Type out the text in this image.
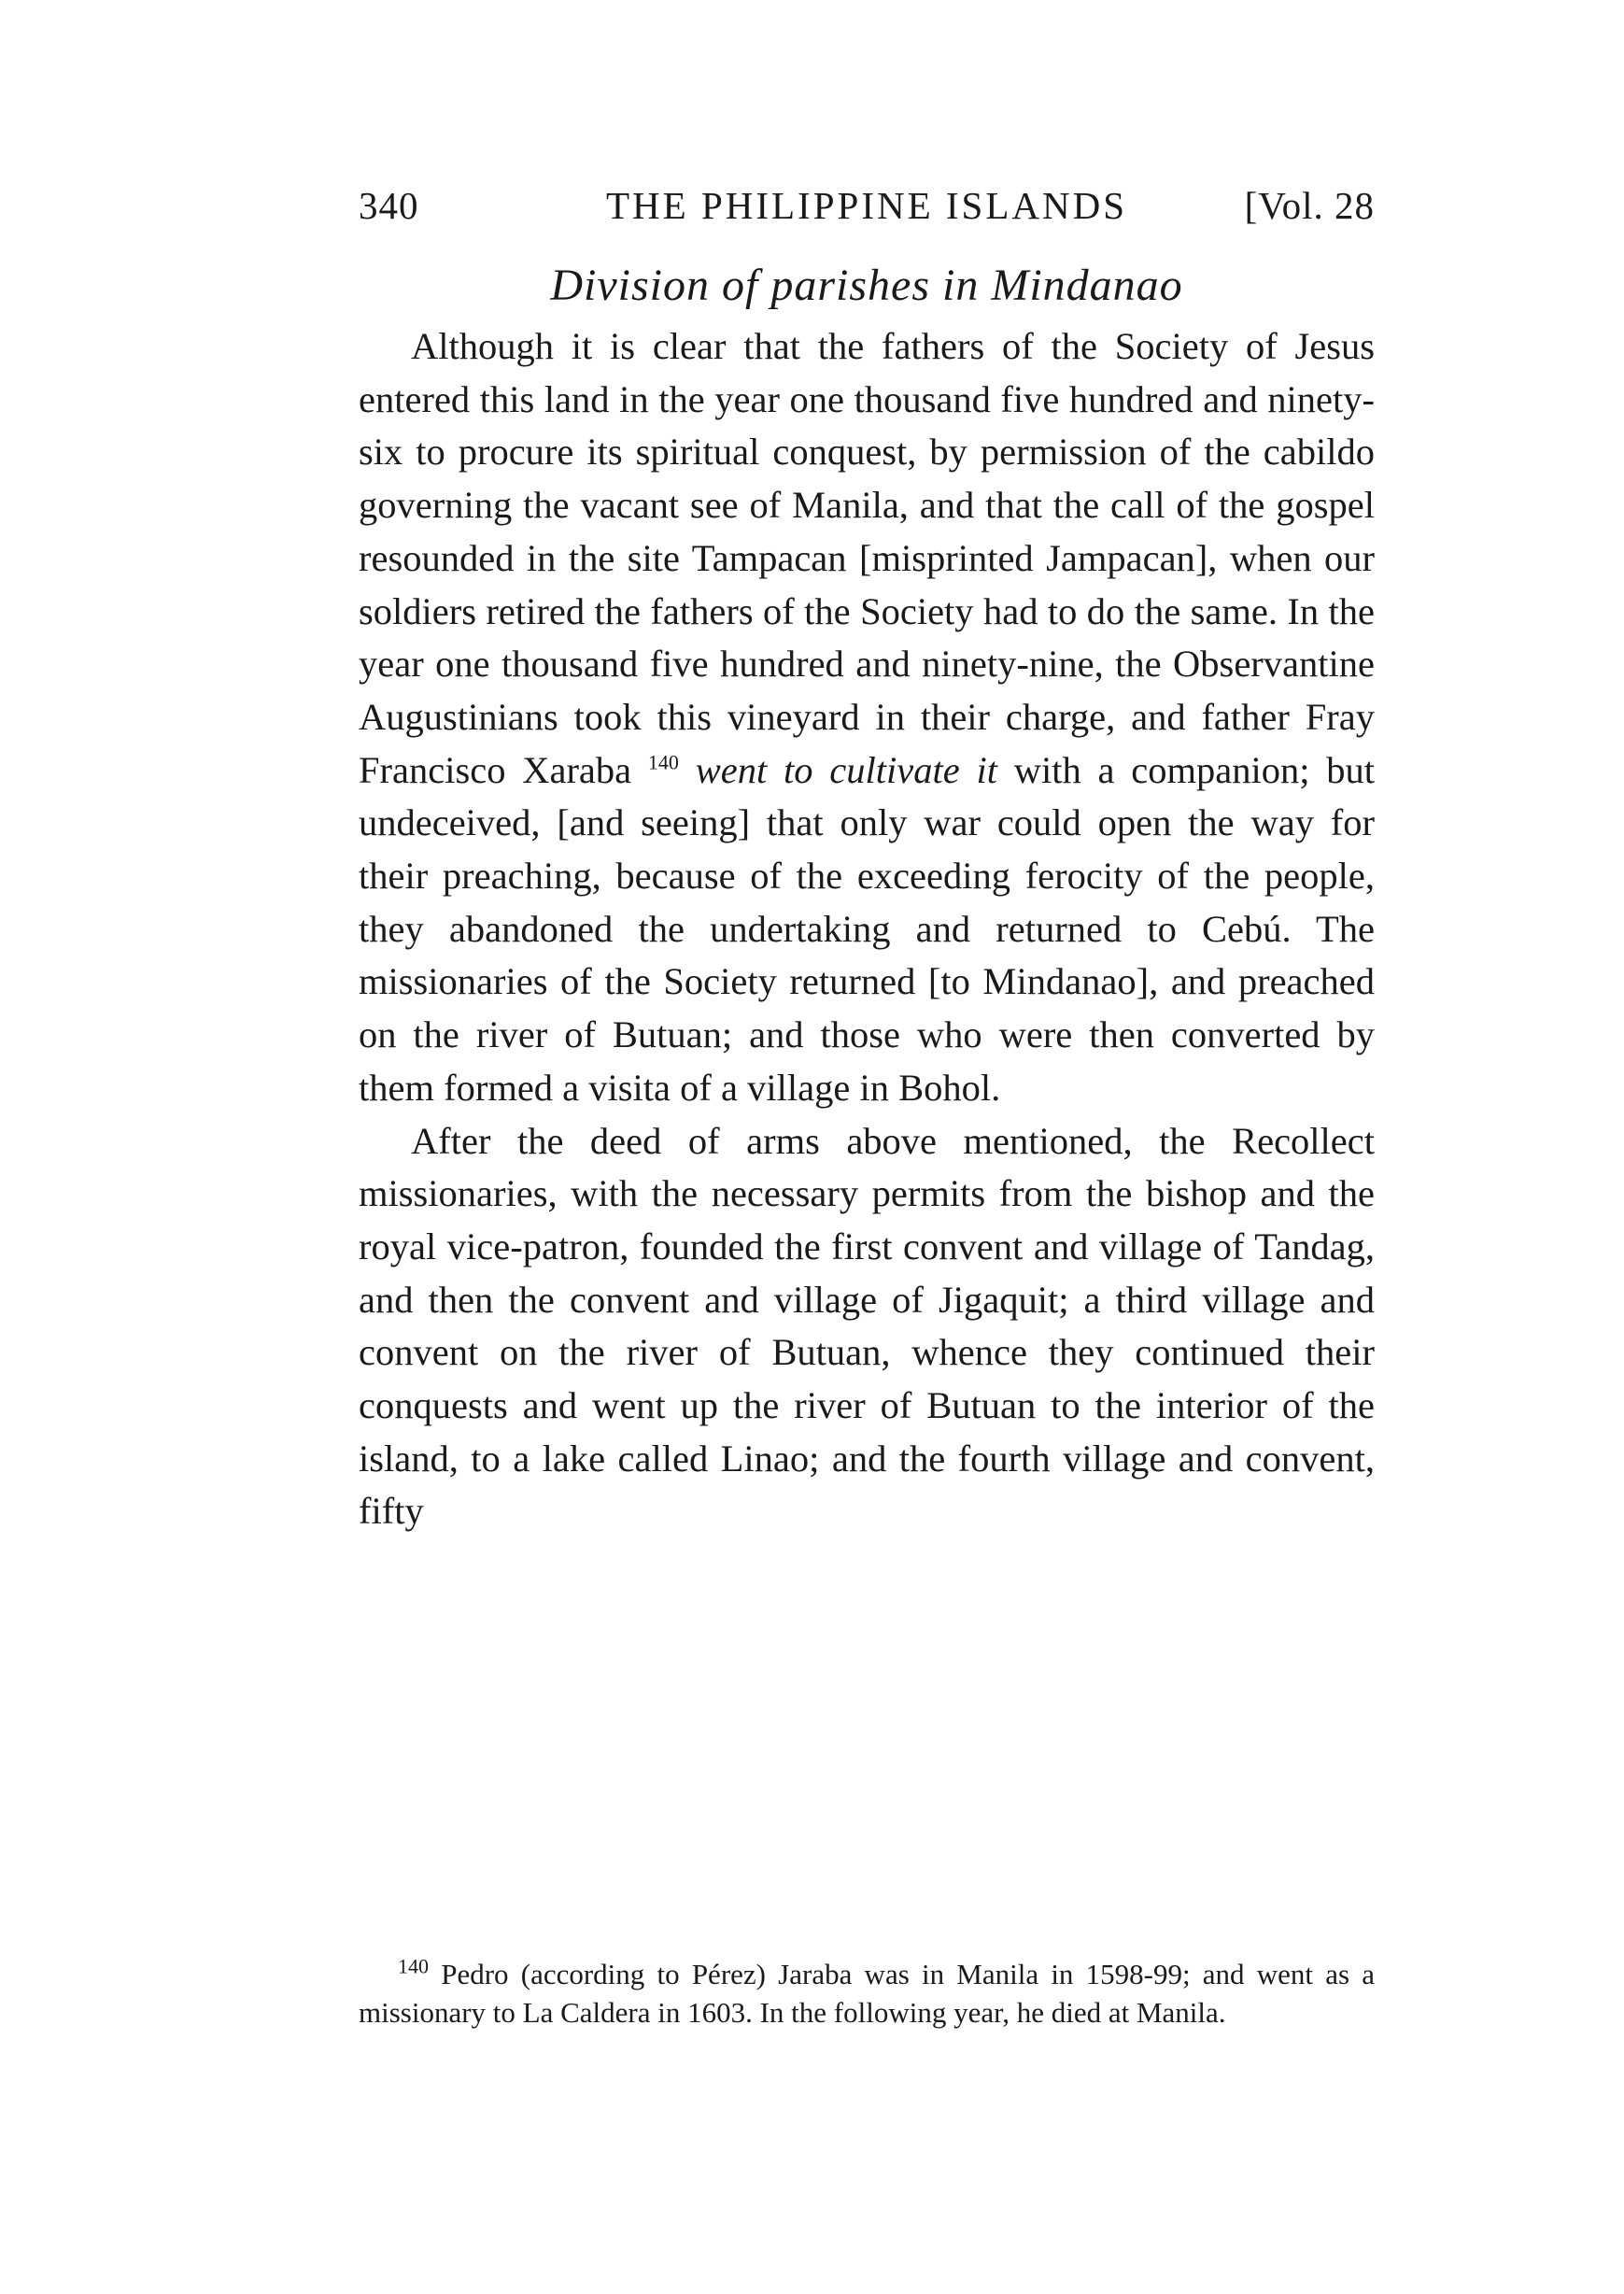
340	THE PHILIPPINE ISLANDS	[Vol. 28
Division of parishes in Mindanao

Although it is clear that the fathers of the Society of Jesus entered this land in the year one thousand five hundred and ninety-six to procure its spiritual conquest, by permission of the cabildo governing the vacant see of Manila, and that the call of the gospel resounded in the site Tampacan [misprinted Jampacan], when our soldiers retired the fathers of the Society had to do the same. In the year one thousand five hundred and ninety-nine, the Observantine Augustinians took this vineyard in their charge, and father Fray Francisco Xaraba $^{140}$ went to cultivate it with a companion; but undeceived, [and seeing] that only war could open the way for their preaching, because of the exceeding ferocity of the people, they abandoned the undertaking and returned to Cebú. The missionaries of the Society returned [to Mindanao], and preached on the river of Butuan; and those who were then converted by them formed a visita of a village in Bohol.

After the deed of arms above mentioned, the Recollect missionaries, with the necessary permits from the bishop and the royal vice-patron, founded the first convent and village of Tandag, and then the convent and village of Jigaquit; a third village and convent on the river of Butuan, whence they continued their conquests and went up the river of Butuan to the interior of the island, to a lake called Linao; and the fourth village and convent, fifty

$^{140}$ Pedro (according to Pérez) Jaraba was in Manila in 1598-99; and went as a missionary to La Caldera in 1603. In the following year, he died at Manila.
